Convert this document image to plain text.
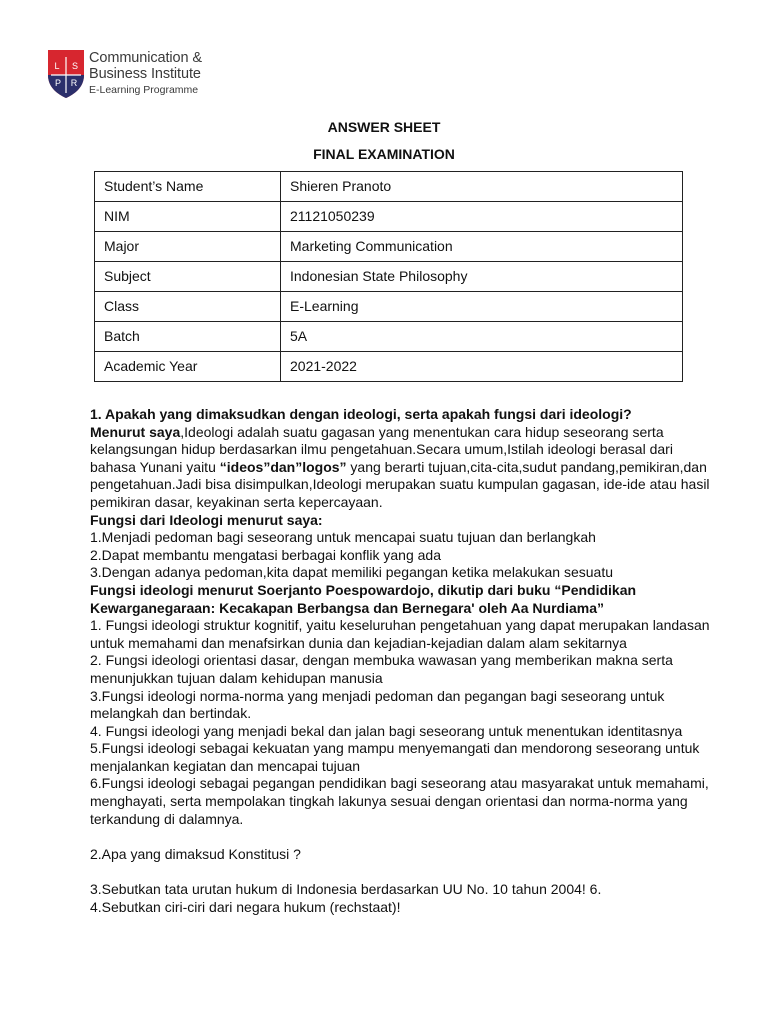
L S
P R
Communication &
Business Institute
E-Learning Programme
ANSWER SHEET
FINAL EXAMINATION
Student’s Name	Shieren Pranoto
NIM	21121050239
Major	Marketing Communication
Subject	Indonesian State Philosophy
Class	E-Learning
Batch	5A
Academic Year	2021-2022

1. Apakah yang dimaksudkan dengan ideologi, serta apakah fungsi dari ideologi?

Menurut saya,Ideologi adalah suatu gagasan yang menentukan cara hidup seseorang serta kelangsungan hidup berdasarkan ilmu pengetahuan.Secara umum,Istilah ideologi berasal dari bahasa Yunani yaitu “ideos”dan”logos” yang berarti tujuan,cita-cita,sudut pandang,pemikiran,dan pengetahuan.Jadi bisa disimpulkan,Ideologi merupakan suatu kumpulan gagasan, ide-ide atau hasil pemikiran dasar, keyakinan serta kepercayaan.

Fungsi dari Ideologi menurut saya:

1.Menjadi pedoman bagi seseorang untuk mencapai suatu tujuan dan berlangkah

2.Dapat membantu mengatasi berbagai konflik yang ada

3.Dengan adanya pedoman,kita dapat memiliki pegangan ketika melakukan sesuatu

Fungsi ideologi menurut Soerjanto Poespowardojo, dikutip dari buku “Pendidikan Kewarganegaraan: Kecakapan Berbangsa dan Bernegara' oleh Aa Nurdiama”

1. Fungsi ideologi struktur kognitif, yaitu keseluruhan pengetahuan yang dapat merupakan landasan untuk memahami dan menafsirkan dunia dan kejadian-kejadian dalam alam sekitarnya

2. Fungsi ideologi orientasi dasar, dengan membuka wawasan yang memberikan makna serta menunjukkan tujuan dalam kehidupan manusia

3.Fungsi ideologi norma-norma yang menjadi pedoman dan pegangan bagi seseorang untuk melangkah dan bertindak.

4. Fungsi ideologi yang menjadi bekal dan jalan bagi seseorang untuk menentukan identitasnya

5.Fungsi ideologi sebagai kekuatan yang mampu menyemangati dan mendorong seseorang untuk menjalankan kegiatan dan mencapai tujuan

6.Fungsi ideologi sebagai pegangan pendidikan bagi seseorang atau masyarakat untuk memahami, menghayati, serta mempolakan tingkah lakunya sesuai dengan orientasi dan norma-norma yang terkandung di dalamnya.

2.Apa yang dimaksud Konstitusi ?

3.Sebutkan tata urutan hukum di Indonesia berdasarkan UU No. 10 tahun 2004! 6.

4.Sebutkan ciri-ciri dari negara hukum (rechstaat)!
